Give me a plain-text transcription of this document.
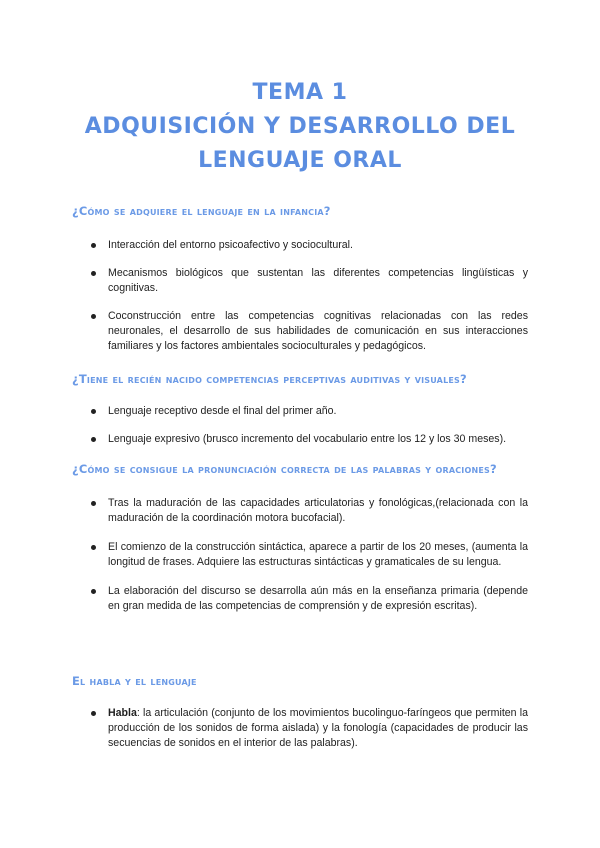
TEMA 1
ADQUISICIÓN Y DESARROLLO DEL
LENGUAJE ORAL
¿Cómo se adquiere el lenguaje en la infancia?
Interacción del entorno psicoafectivo y sociocultural.
Mecanismos biológicos que sustentan las diferentes competencias lingüísticas y cognitivas.
Coconstrucción entre las competencias cognitivas relacionadas con las redes neuronales, el desarrollo de sus habilidades de comunicación en sus interacciones familiares y los factores ambientales socioculturales y pedagógicos.
¿Tiene el recién nacido competencias perceptivas auditivas y visuales?
Lenguaje receptivo desde el final del primer año.
Lenguaje expresivo (brusco incremento del vocabulario entre los 12 y los 30 meses).
¿Cómo se consigue la pronunciación correcta de las palabras y oraciones?
Tras la maduración de las capacidades articulatorias y fonológicas,(relacionada con la maduración de la coordinación motora bucofacial).
El comienzo de la construcción sintáctica, aparece a partir de los 20 meses, (aumenta la longitud de frases. Adquiere las estructuras sintácticas y gramaticales de su lengua.
La elaboración del discurso se desarrolla aún más en la enseñanza primaria (depende en gran medida de las competencias de comprensión y de expresión escritas).
El habla y el lenguaje
Habla: la articulación (conjunto de los movimientos bucolinguo-faríngeos que permiten la producción de los sonidos de forma aislada) y la fonología (capacidades de producir las secuencias de sonidos en el interior de las palabras).
